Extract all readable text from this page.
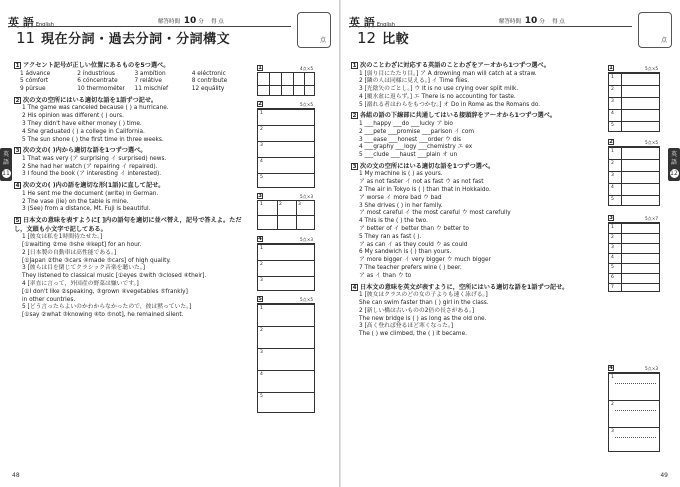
英 語 English	解答時間 10 分　 得 点
点
11 現在分詞・過去分詞・分詞構文
英 語
11
1 アクセント記号が正しい位置にあるものを5つ選べ。
1 ádvance	2 índustrious	3 ambítion	4 eléctronic
5 cómfort	6 cóncentrate	7 relátive	8 contríbute
9 pürsue	10 thermométer	11 mischíef	12 equálity
2 次の文の空所にはいる適切な語を1語ずつ記せ。
1 The game was canceled because ( ) a hurricane.
2 His opinion was different ( ) ours.
3 They didn't have either money ( ) time.
4 She graduated ( ) a college in California.
5 The sun shone ( ) the first time in three weeks.
3 次の文の( )内から適切な語を1つずつ選べ。
1 That was very (ア surprising イ surprised) news.
2 She had her watch (ア repairing イ repaired).
3 I found the book (ア interesting イ interested).
4 次の文の( )内の語を適切な形(1語)に直して記せ。
1 He sent me the document (write) in German.
2 The vase (lie) on the table is mine.
3 (See) from a distance, Mt. Fuji is beautiful.
5 日本文の意味を表すように[ ]内の語句を適切に並べ替え，記号で答えよ。ただし，文頭も小文字で記してある。
1 [彼女は私を1時間待たせた。]
[①waiting ②me ③she ④kept] for an hour.
2 [日本製の自動車は高性能である。]
[①Japan ②the ③cars ④made ⑤cars] of high quality.
3 [彼らは目を閉じてクラシック音楽を聴いた。]
They listened to classical music [①eyes ②with ③closed ④their].
4 [率直に言って，外国産の野菜は嫌いです。]
[①I don't like ②speaking, ③grown ④vegetables ⑤frankly]
in other countries.
5 [どう言ったらよいのかわからなかったので，彼は黙っていた。]
[①say ②what ③knowing ④to ⑤not], he remained silent.
1	4点×5
2	5点×5
1
2
3
4
5
3	5点×3
1	2	3
4	5点×3
1
2
3
5	5点×5
1
2
3
4
5
48
英 語 English	解答時間 10 分　 得 点
点
12 比較
英 語
12
1 次のことわざに対応する英語のことわざをア〜オから1つずつ選べ。
1 [弱り目にたたり目。] ア A drowning man will catch at a straw.
2 [隣の人は同様に見える。] イ Time flies.
3 [光陰矢のごとし。] ウ It is no use crying over spilt milk.
4 [覆水盆に返らず。] エ There is no accounting for taste.
5 [溺れる者はわらをもつかむ。] オ Do in Rome as the Romans do.
2 各組の語の下線部に共通してはいる接頭辞をア〜オから1つずつ選べ。
1 ___happy ___do ___lucky ア bio
2 ___pete ___promise ___parison イ com
3 ___ease ___honest ___order ウ dis
4 ___graphy ___logy ___chemistry エ ex
5 ___clude ___haust ___plain オ un
3 次の文の空所にはいる適切な語を1つずつ選べ。
1 My machine is ( ) as yours.
ア as not faster イ not as fast ウ as not fast
2 The air in Tokyo is ( ) than that in Hokkaido.
ア worse イ more bad ウ bad
3 She drives ( ) in her family.
ア most careful イ the most careful ウ most carefully
4 This is the ( ) the two.
ア better of イ better than ウ better to
5 They ran as fast ( ).
ア as can イ as they could ウ as could
6 My sandwich is ( ) than yours.
ア more bigger イ very bigger ウ much bigger
7 The teacher prefers wine ( ) beer.
ア as イ than ウ to
4 日本文の意味を英文が表すように，空所にはいる適切な語を1語ずつ記せ。
1 [彼女はクラスのどの女の子よりも速く泳げる。]
She can swim faster than ( ) girl in the class.
2 [新しい橋は古いものの2倍の長さがある。]
The new bridge is ( ) as long as the old one.
3 [高く登れば登るほど寒くなった。]
The ( ) we climbed, the ( ) it became.
1	5点×5
1
2
3
4
5
2	5点×5
1
2
3
4
5
3	5点×7
1
2
3
4
5
6
7
4	5点×3
1
2
3
49
